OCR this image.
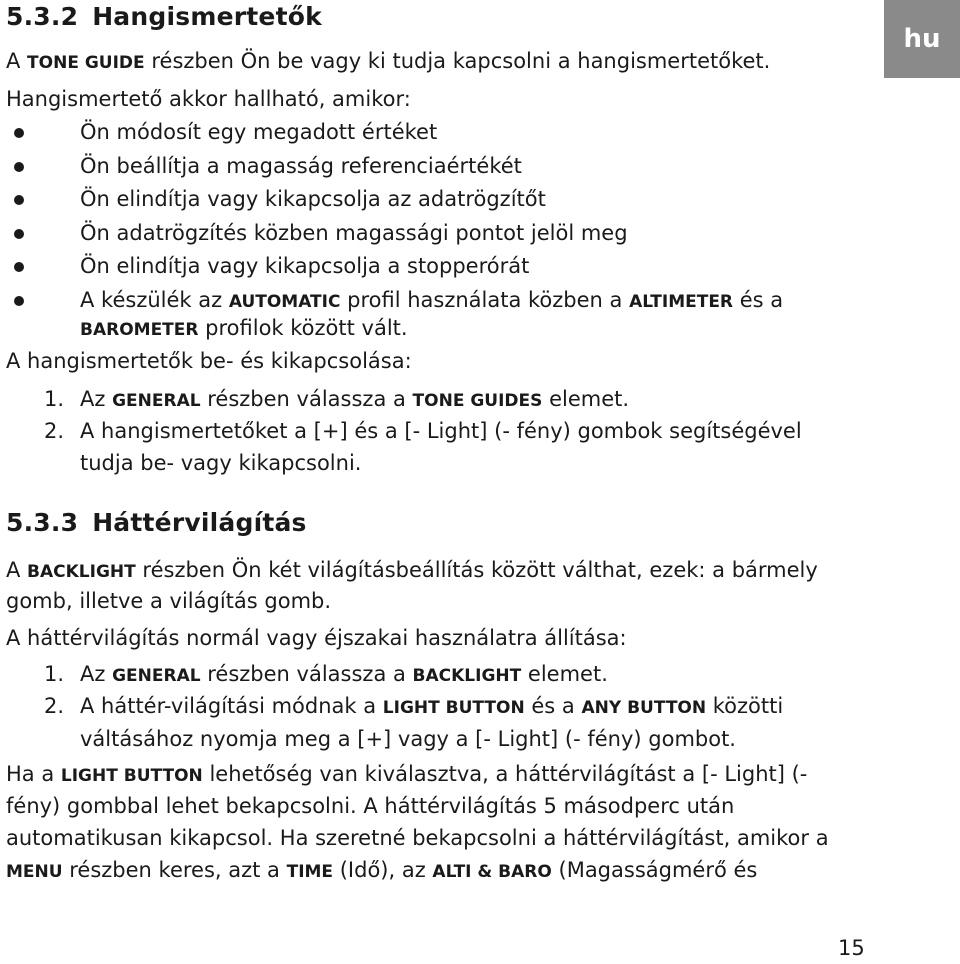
hu
5.3.2 Hangismertetők
A TONE GUIDE részben Ön be vagy ki tudja kapcsolni a hangismertetőket.
Hangismertető akkor hallható, amikor:
Ön módosít egy megadott értéket
Ön beállítja a magasság referenciaértékét
Ön elindítja vagy kikapcsolja az adatrögzítőt
Ön adatrögzítés közben magassági pontot jelöl meg
Ön elindítja vagy kikapcsolja a stopperórát
A készülék az AUTOMATIC profil használata közben a ALTIMETER és a
BAROMETER profilok között vált.
A hangismertetők be- és kikapcsolása:
1. Az GENERAL részben válassza a TONE GUIDES elemet.
2. A hangismertetőket a [+] és a [- Light] (- fény) gombok segítségével
tudja be- vagy kikapcsolni.
5.3.3 Háttérvilágítás
A BACKLIGHT részben Ön két világításbeállítás között válthat, ezek: a bármely
gomb, illetve a világítás gomb.
A háttérvilágítás normál vagy éjszakai használatra állítása:
1. Az GENERAL részben válassza a BACKLIGHT elemet.
2. A háttér-világítási módnak a LIGHT BUTTON és a ANY BUTTON közötti
váltásához nyomja meg a [+] vagy a [- Light] (- fény) gombot.
Ha a LIGHT BUTTON lehetőség van kiválasztva, a háttérvilágítást a [- Light] (-
fény) gombbal lehet bekapcsolni. A háttérvilágítás 5 másodperc után
automatikusan kikapcsol. Ha szeretné bekapcsolni a háttérvilágítást, amikor a
MENU részben keres, azt a TIME (Idő), az ALTI & BARO (Magasságmérő és
15
